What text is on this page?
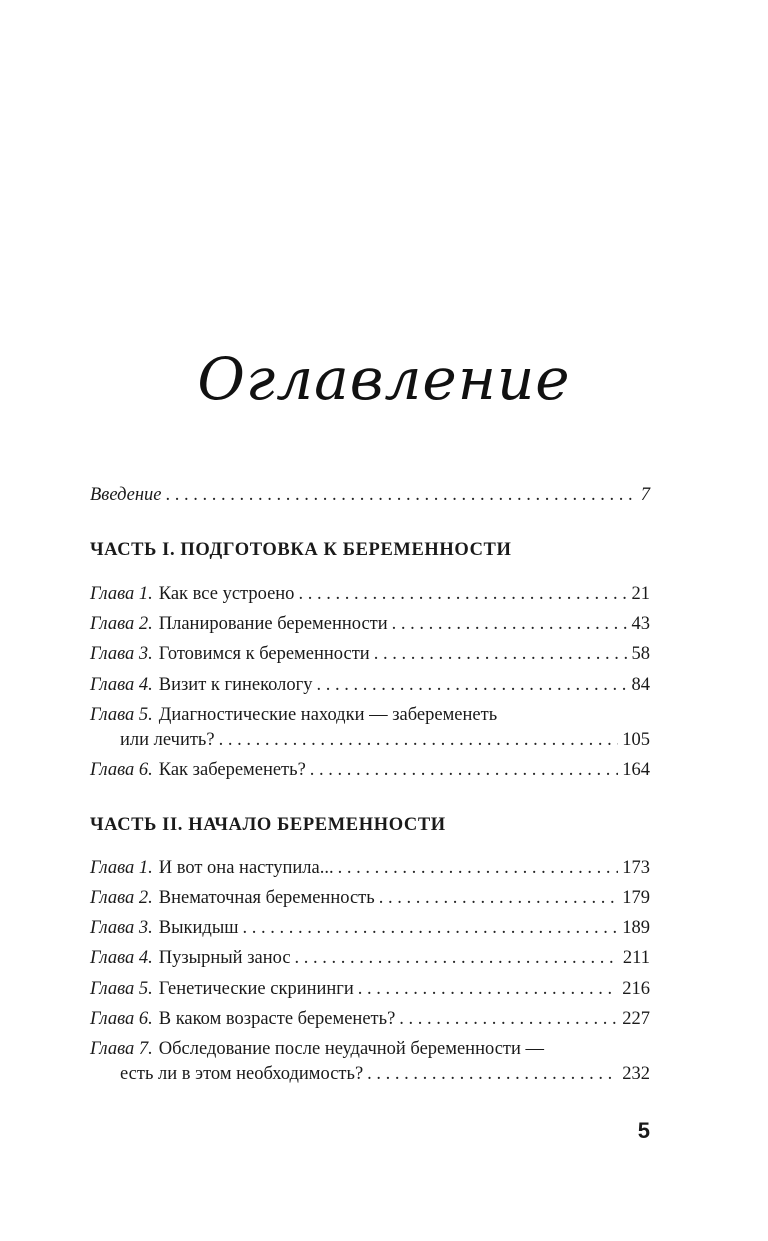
Оглавление
Введение . . .	7
ЧАСТЬ I. ПОДГОТОВКА К БЕРЕМЕННОСТИ
Глава 1. Как все устроено . . .	21
Глава 2. Планирование беременности . . .	43
Глава 3. Готовимся к беременности . . .	58
Глава 4. Визит к гинекологу . . .	84
Глава 5. Диагностические находки — забеременеть
или лечить? . . .	105
Глава 6. Как забеременеть? . . .	164
ЧАСТЬ II. НАЧАЛО БЕРЕМЕННОСТИ
Глава 1. И вот она наступила... . . .	173
Глава 2. Внематочная беременность . . .	179
Глава 3. Выкидыш . . .	189
Глава 4. Пузырный занос . . .	211
Глава 5. Генетические скрининги . . .	216
Глава 6. В каком возрасте беременеть? . . .	227
Глава 7. Обследование после неудачной беременности —
есть ли в этом необходимость? . . .	232
5
